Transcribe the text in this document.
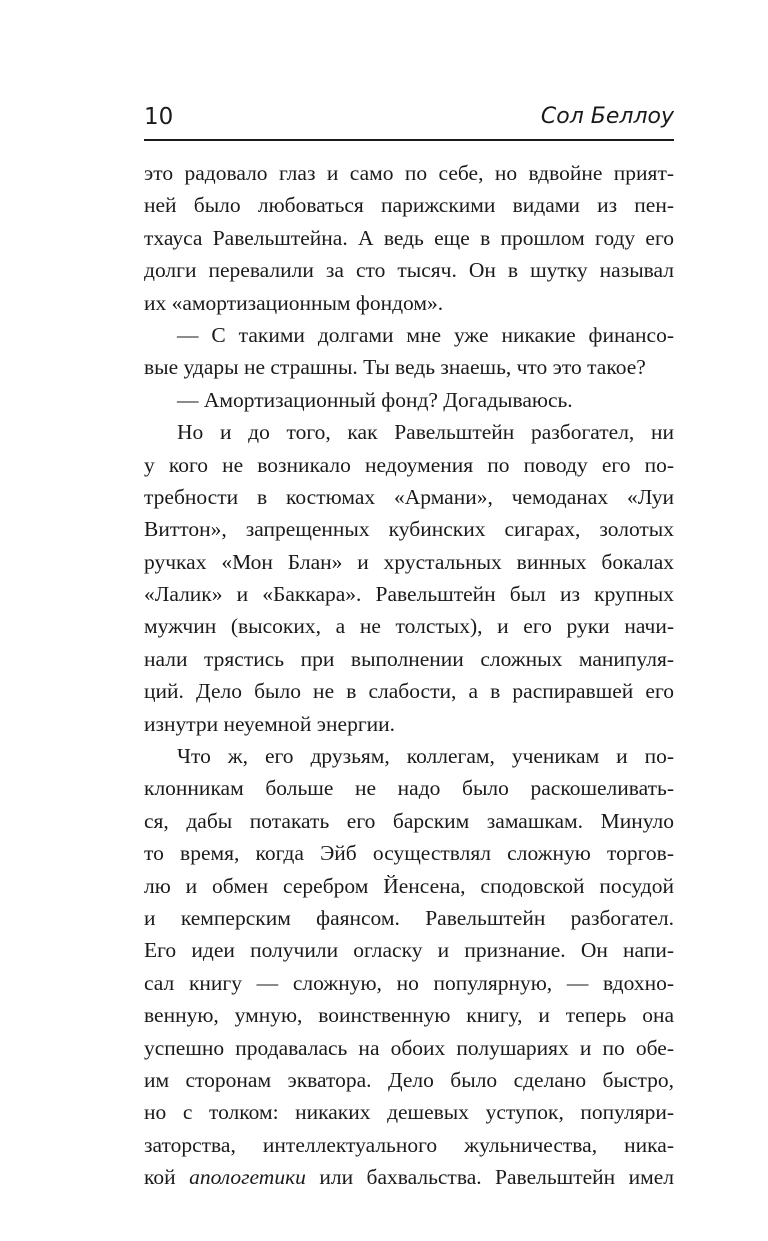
10	Сол Беллоу
это радовало глаз и само по себе, но вдвойне прият-
ней было любоваться парижскими видами из пен-
тхауса Равельштейна. А ведь еще в прошлом году его
долги перевалили за сто тысяч. Он в шутку называл
их «амортизационным фондом».
— С такими долгами мне уже никакие финансо-
вые удары не страшны. Ты ведь знаешь, что это такое?
— Амортизационный фонд? Догадываюсь.
Но и до того, как Равельштейн разбогател, ни
у кого не возникало недоумения по поводу его по-
требности в костюмах «Армани», чемоданах «Луи
Виттон», запрещенных кубинских сигарах, золотых
ручках «Мон Блан» и хрустальных винных бокалах
«Лалик» и «Баккара». Равельштейн был из крупных
мужчин (высоких, а не толстых), и его руки начи-
нали трястись при выполнении сложных манипуля-
ций. Дело было не в слабости, а в распиравшей его
изнутри неуемной энергии.
Что ж, его друзьям, коллегам, ученикам и по-
клонникам больше не надо было раскошеливать-
ся, дабы потакать его барским замашкам. Минуло
то время, когда Эйб осуществлял сложную торгов-
лю и обмен серебром Йенсена, сподовской посудой
и кемперским фаянсом. Равельштейн разбогател.
Его идеи получили огласку и признание. Он напи-
сал книгу — сложную, но популярную, — вдохно-
венную, умную, воинственную книгу, и теперь она
успешно продавалась на обоих полушариях и по обе-
им сторонам экватора. Дело было сделано быстро,
но с толком: никаких дешевых уступок, популяри-
заторства, интеллектуального жульничества, ника-
кой апологетики или бахвальства. Равельштейн имел
